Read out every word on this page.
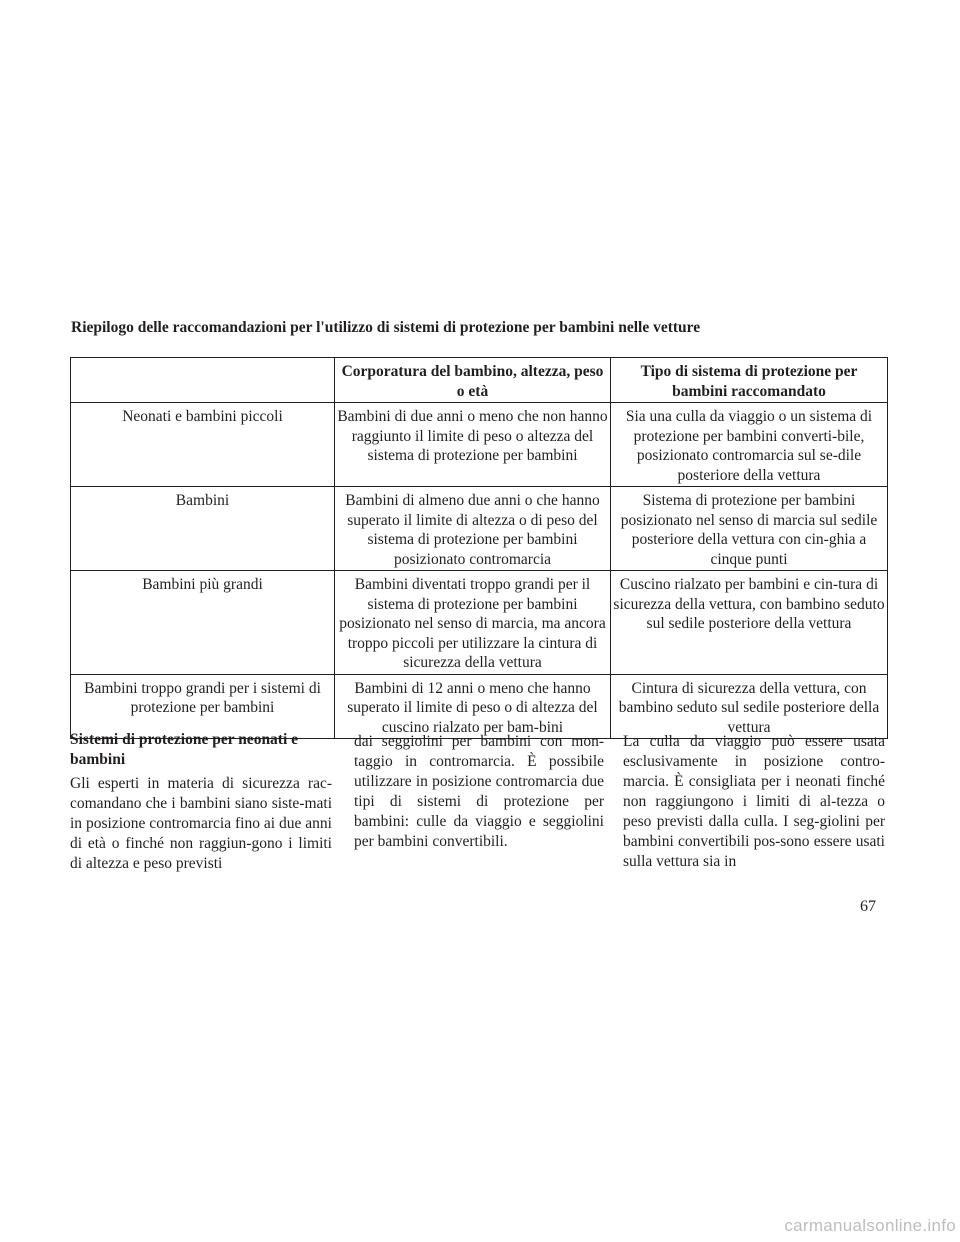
Riepilogo delle raccomandazioni per l'utilizzo di sistemi di protezione per bambini nelle vetture
	Corporatura del bambino, altezza, peso o età	Tipo di sistema di protezione per bambini raccomandato
Neonati e bambini piccoli	Bambini di due anni o meno che non hanno raggiunto il limite di peso o altezza del sistema di protezione per bambini	Sia una culla da viaggio o un sistema di protezione per bambini converti-bile, posizionato contromarcia sul se-dile posteriore della vettura
Bambini	Bambini di almeno due anni o che hanno superato il limite di altezza o di peso del sistema di protezione per bambini posizionato contromarcia	Sistema di protezione per bambini posizionato nel senso di marcia sul sedile posteriore della vettura con cin-ghia a cinque punti
Bambini più grandi	Bambini diventati troppo grandi per il sistema di protezione per bambini posizionato nel senso di marcia, ma ancora troppo piccoli per utilizzare la cintura di sicurezza della vettura	Cuscino rialzato per bambini e cin-tura di sicurezza della vettura, con bambino seduto sul sedile posteriore della vettura
Bambini troppo grandi per i sistemi di protezione per bambini	Bambini di 12 anni o meno che hanno superato il limite di peso o di altezza del cuscino rialzato per bam-bini	Cintura di sicurezza della vettura, con bambino seduto sul sedile posteriore della vettura
Sistemi di protezione per neonati e bambini
Gli esperti in materia di sicurezza rac-comandano che i bambini siano siste-mati in posizione contromarcia fino ai due anni di età o finché non raggiun-gono i limiti di altezza e peso previsti
dai seggiolini per bambini con mon-taggio in contromarcia. È possibile utilizzare in posizione contromarcia due tipi di sistemi di protezione per bambini: culle da viaggio e seggiolini per bambini convertibili.
La culla da viaggio può essere usata esclusivamente in posizione contro-marcia. È consigliata per i neonati finché non raggiungono i limiti di al-tezza o peso previsti dalla culla. I seg-giolini per bambini convertibili pos-sono essere usati sulla vettura sia in
67
carmanualsonline.info
